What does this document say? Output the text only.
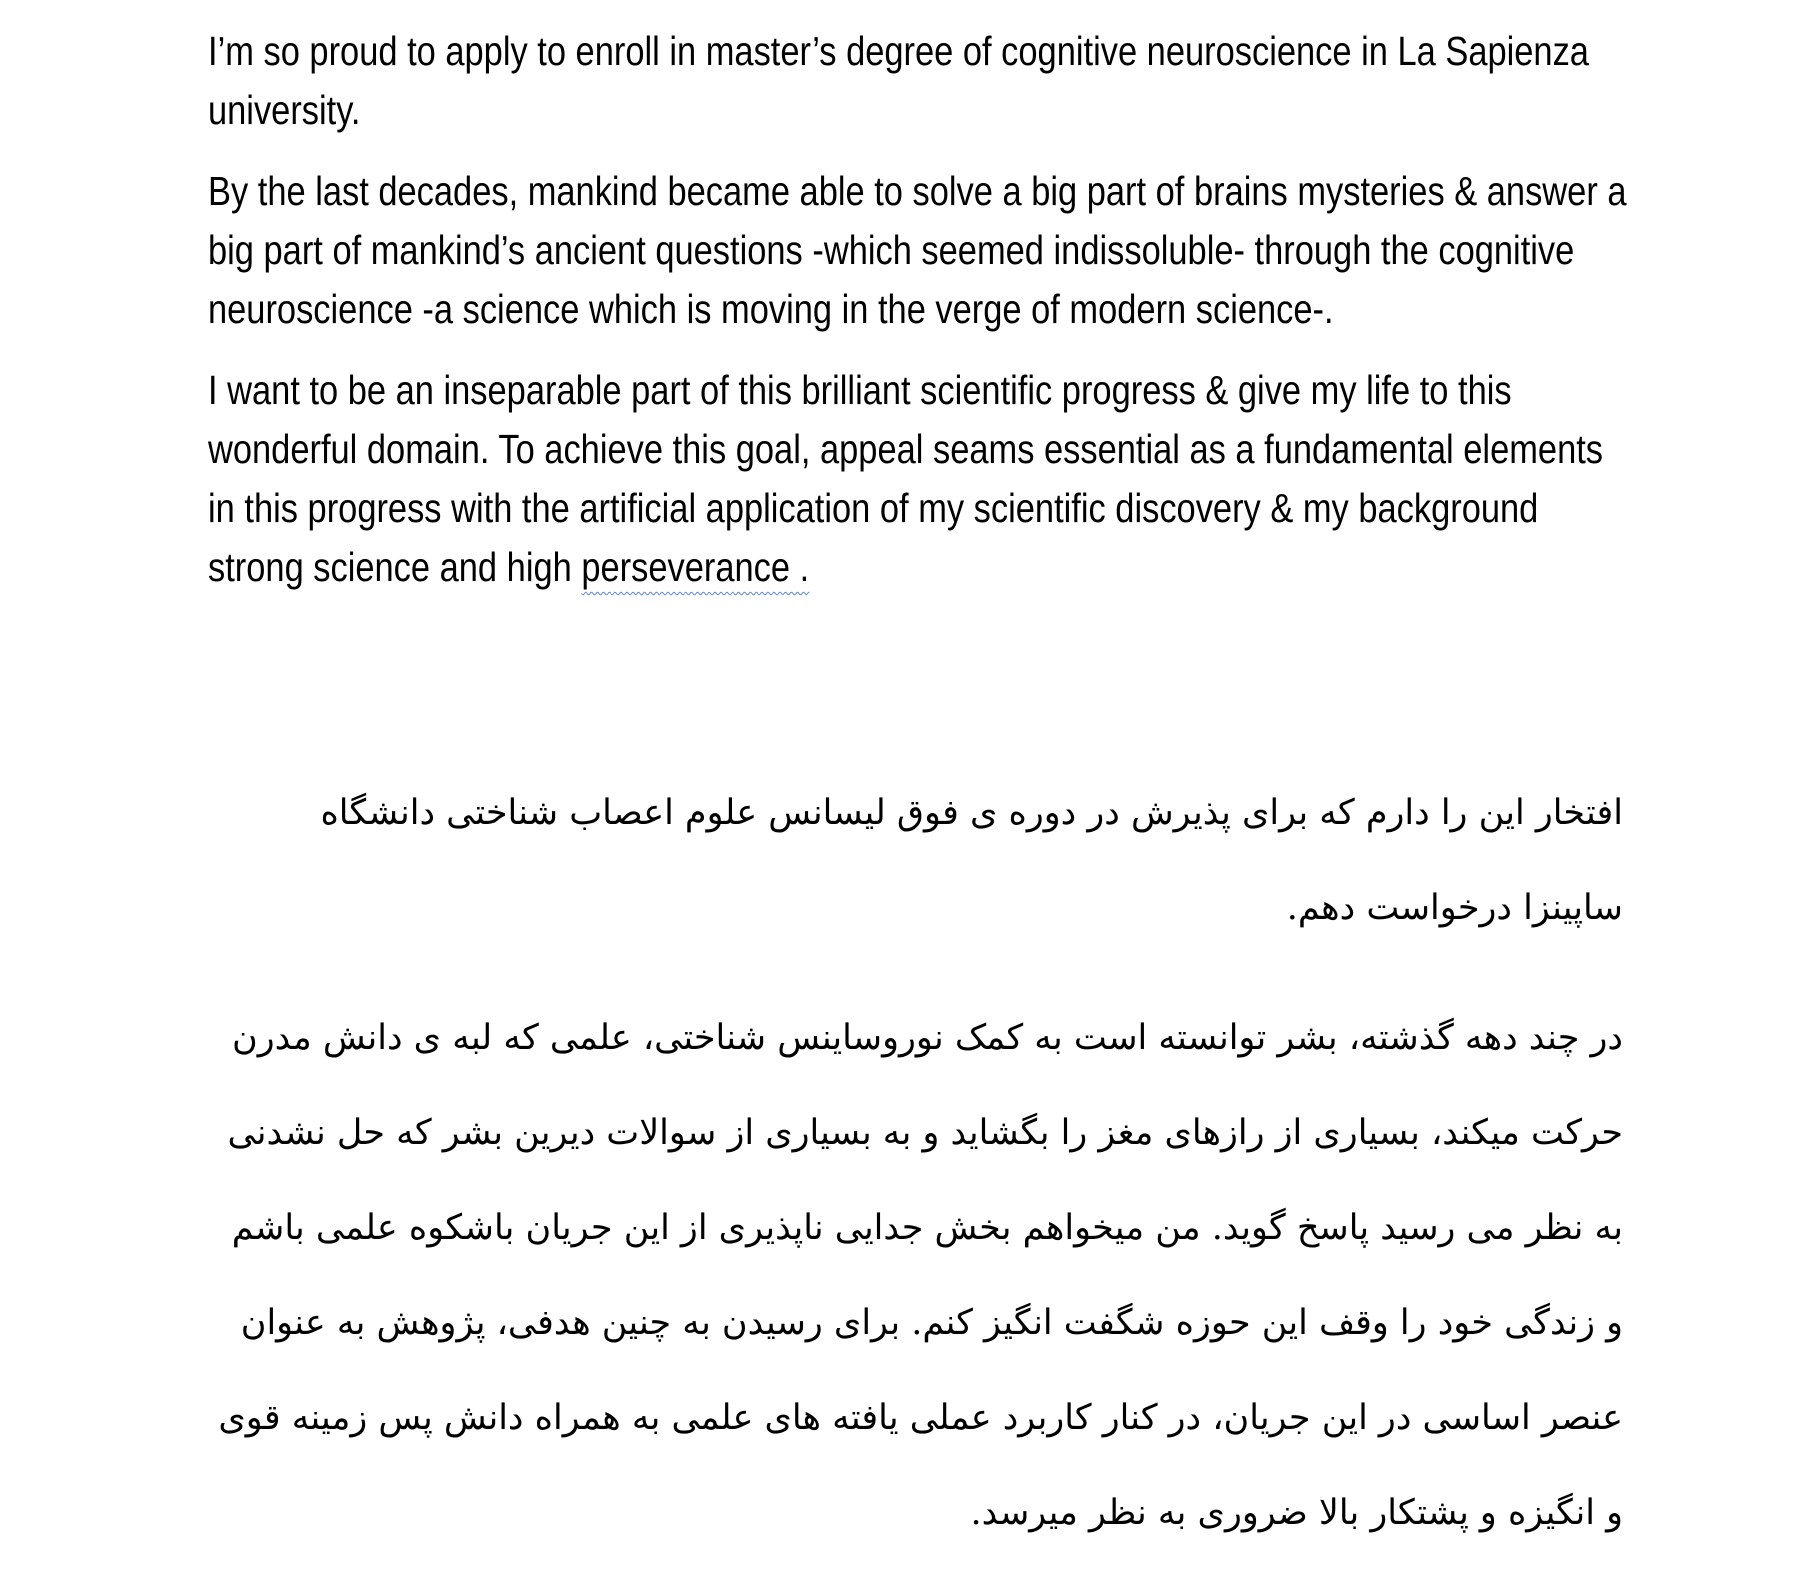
I’m so proud to apply to enroll in master’s degree of cognitive neuroscience in La Sapienza university.

By the last decades, mankind became able to solve a big part of brains mysteries & answer a big part of mankind’s ancient questions -which seemed indissoluble- through the cognitive neuroscience -a science which is moving in the verge of modern science-.

I want to be an inseparable part of this brilliant scientific progress & give my life to this wonderful domain. To achieve this goal, appeal seams essential as a fundamental elements in this progress with the artificial application of my scientific discovery & my background strong science and high perseverance .

افتخار این را دارم که برای پذیرش در دوره ی فوق لیسانس علوم اعصاب شناختی دانشگاه ساپینزا درخواست دهم.

در چند دهه گذشته، بشر توانسته است به کمک نوروساینس شناختی، علمی که لبه ی دانش مدرن حرکت میکند، بسیاری از رازهای مغز را بگشاید و به بسیاری از سوالات دیرین بشر که حل نشدنی به نظر می رسید پاسخ گوید. من میخواهم بخش جدایی ناپذیری از این جریان باشکوه علمی باشم و زندگی خود را وقف این حوزه شگفت انگیز کنم. برای رسیدن به چنین هدفی، پژوهش به عنوان عنصر اساسی در این جریان، در کنار کاربرد عملی یافته های علمی به همراه دانش پس زمینه قوی و انگیزه و پشتکار بالا ضروری به نظر میرسد.
